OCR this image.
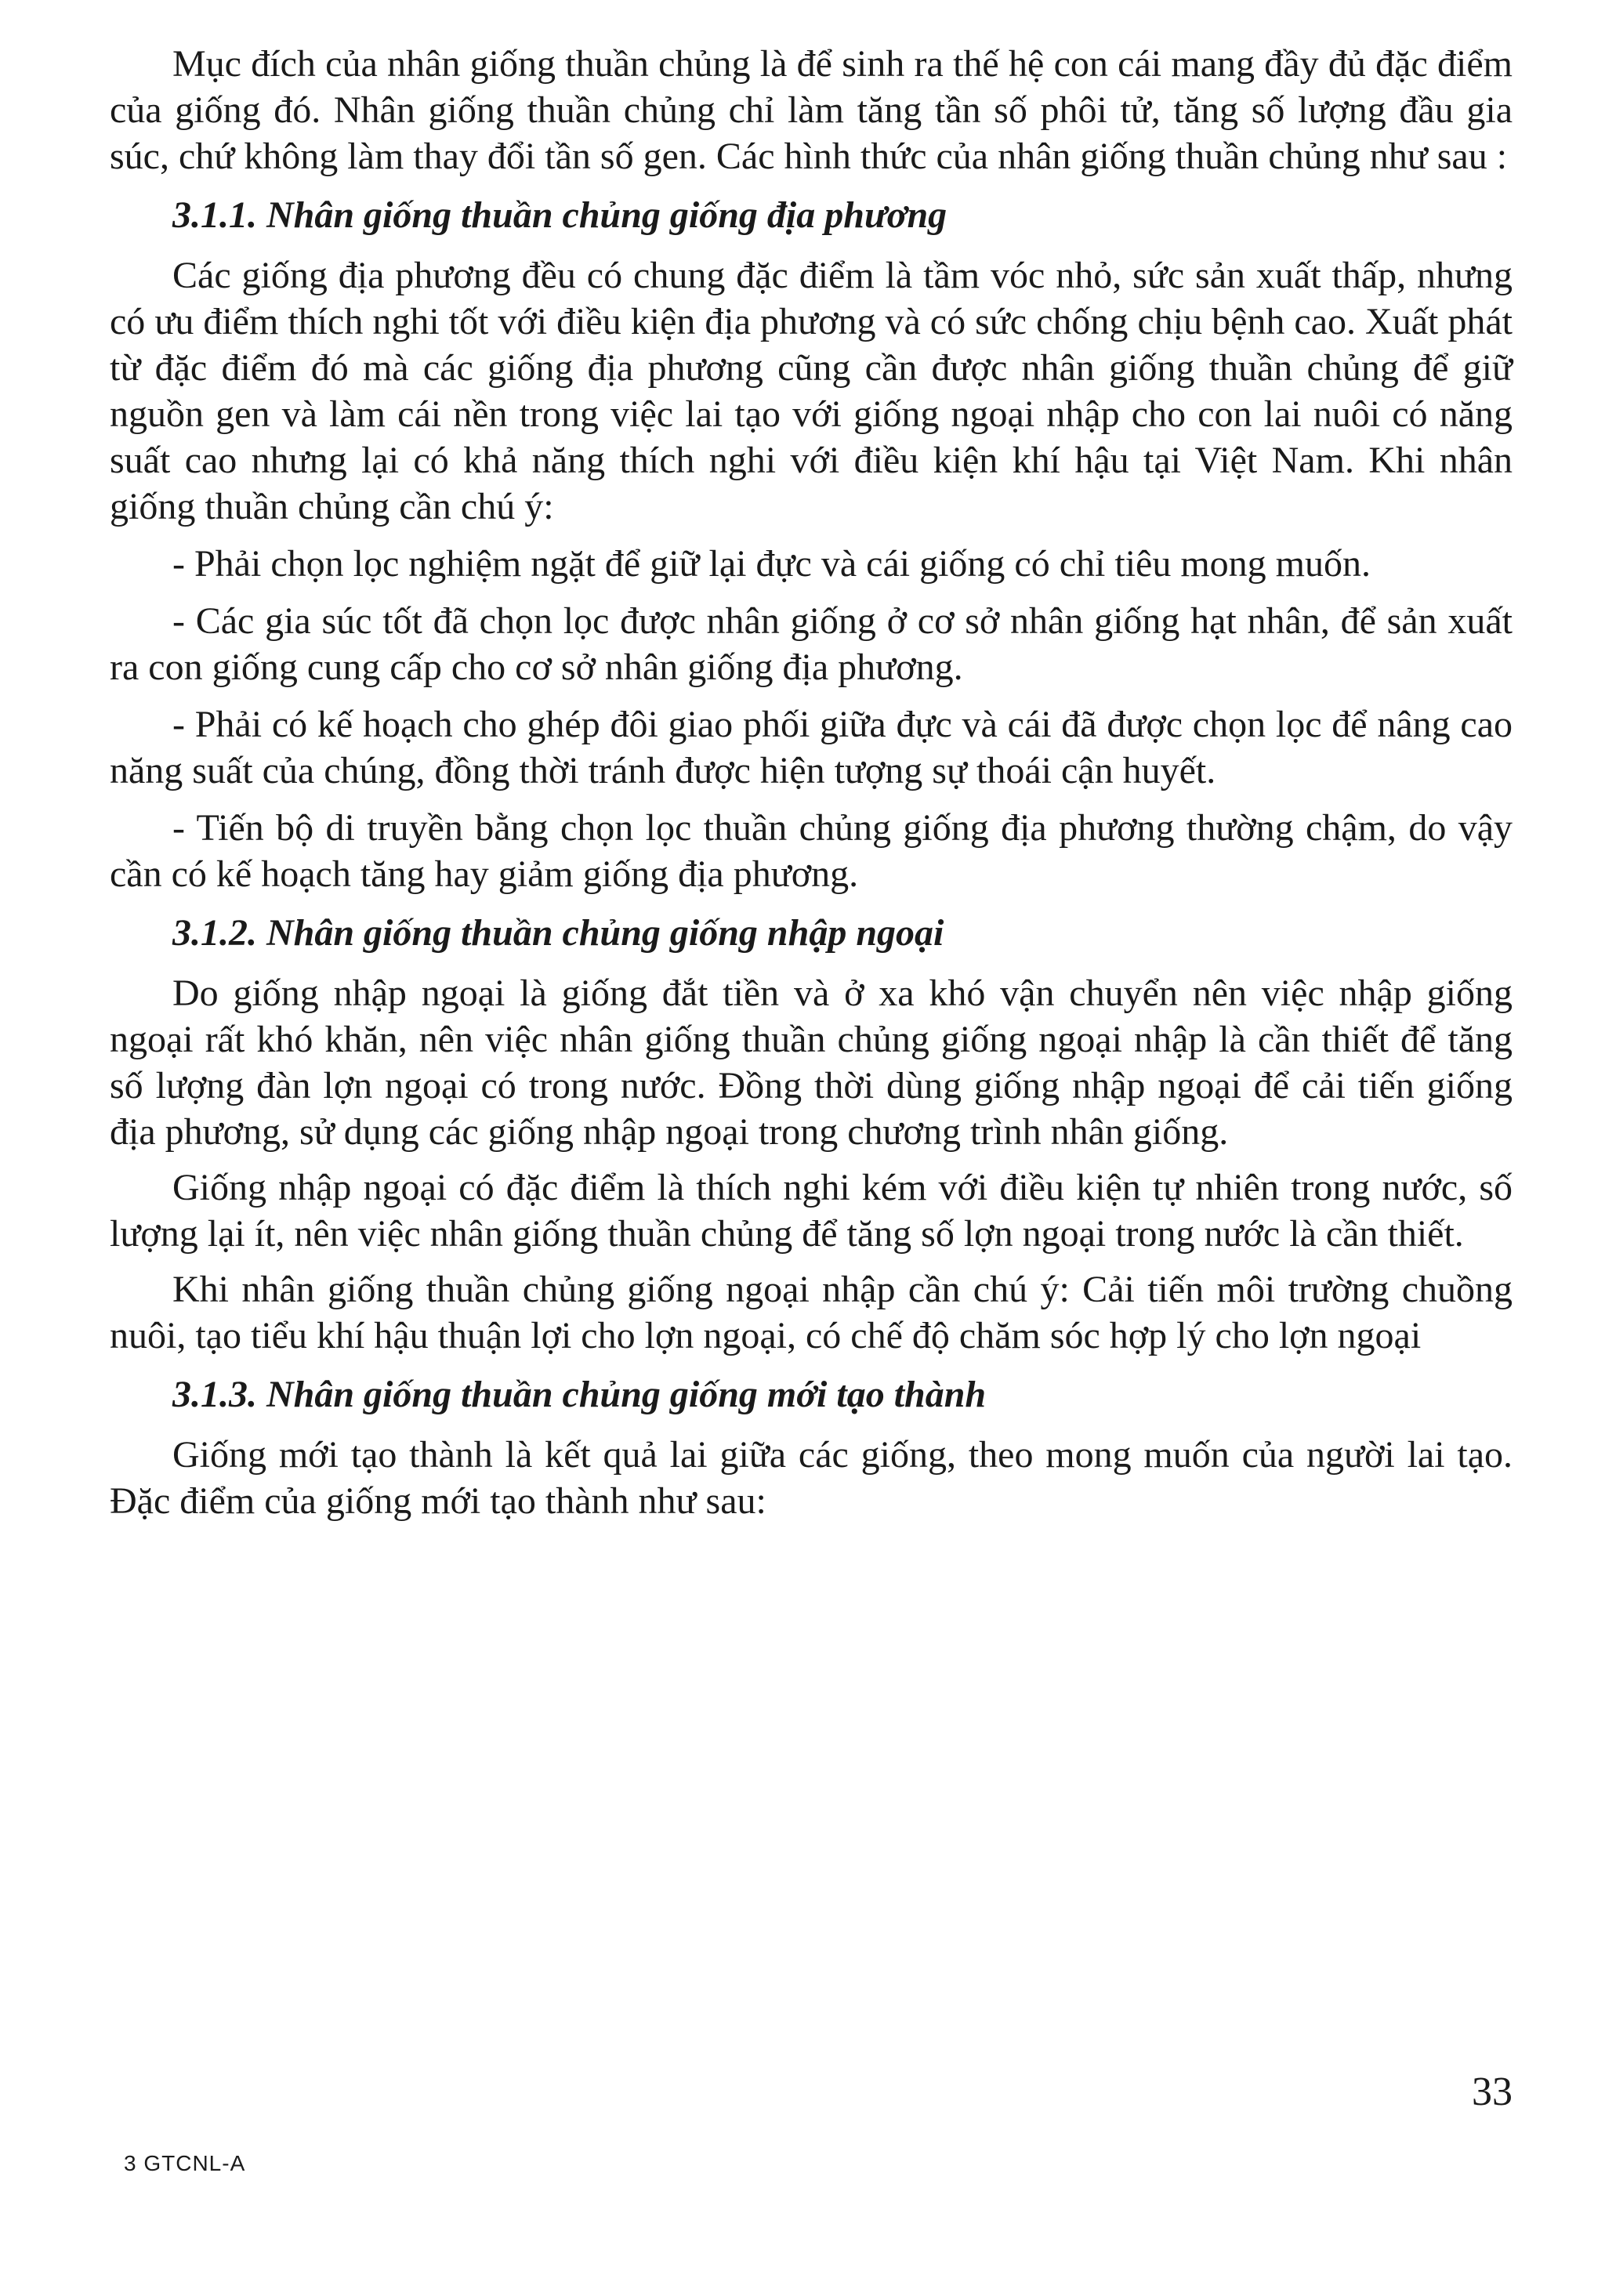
Mục đích của nhân giống thuần chủng là để sinh ra thế hệ con cái mang đầy đủ đặc điểm của giống đó. Nhân giống thuần chủng chỉ làm tăng tần số phôi tử, tăng số lượng đầu gia súc, chứ không làm thay đổi tần số gen. Các hình thức của nhân giống thuần chủng như sau :

3.1.1. Nhân giống thuần chủng giống địa phương

Các giống địa phương đều có chung đặc điểm là tầm vóc nhỏ, sức sản xuất thấp, nhưng có ưu điểm thích nghi tốt với điều kiện địa phương và có sức chống chịu bệnh cao. Xuất phát từ đặc điểm đó mà các giống địa phương cũng cần được nhân giống thuần chủng để giữ nguồn gen và làm cái nền trong việc lai tạo với giống ngoại nhập cho con lai nuôi có năng suất cao nhưng lại có khả năng thích nghi với điều kiện khí hậu tại Việt Nam. Khi nhân giống thuần chủng cần chú ý:

- Phải chọn lọc nghiệm ngặt để giữ lại đực và cái giống có chỉ tiêu mong muốn.

- Các gia súc tốt đã chọn lọc được nhân giống ở cơ sở nhân giống hạt nhân, để sản xuất ra con giống cung cấp cho cơ sở nhân giống địa phương.

- Phải có kế hoạch cho ghép đôi giao phối giữa đực và cái đã được chọn lọc để nâng cao năng suất của chúng, đồng thời tránh được hiện tượng sự thoái cận huyết.

- Tiến bộ di truyền bằng chọn lọc thuần chủng giống địa phương thường chậm, do vậy cần có kế hoạch tăng hay giảm giống địa phương.

3.1.2. Nhân giống thuần chủng giống nhập ngoại

Do giống nhập ngoại là giống đắt tiền và ở xa khó vận chuyển nên việc nhập giống ngoại rất khó khăn, nên việc nhân giống thuần chủng giống ngoại nhập là cần thiết để tăng số lượng đàn lợn ngoại có trong nước. Đồng thời dùng giống nhập ngoại để cải tiến giống địa phương, sử dụng các giống nhập ngoại trong chương trình nhân giống.

Giống nhập ngoại có đặc điểm là thích nghi kém với điều kiện tự nhiên trong nước, số lượng lại ít, nên việc nhân giống thuần chủng để tăng số lợn ngoại trong nước là cần thiết.

Khi nhân giống thuần chủng giống ngoại nhập cần chú ý: Cải tiến môi trường chuồng nuôi, tạo tiểu khí hậu thuận lợi cho lợn ngoại, có chế độ chăm sóc hợp lý cho lợn ngoại

3.1.3. Nhân giống thuần chủng giống mới tạo thành

Giống mới tạo thành là kết quả lai giữa các giống, theo mong muốn của người lai tạo. Đặc điểm của giống mới tạo thành như sau:

33
3 GTCNL-A
